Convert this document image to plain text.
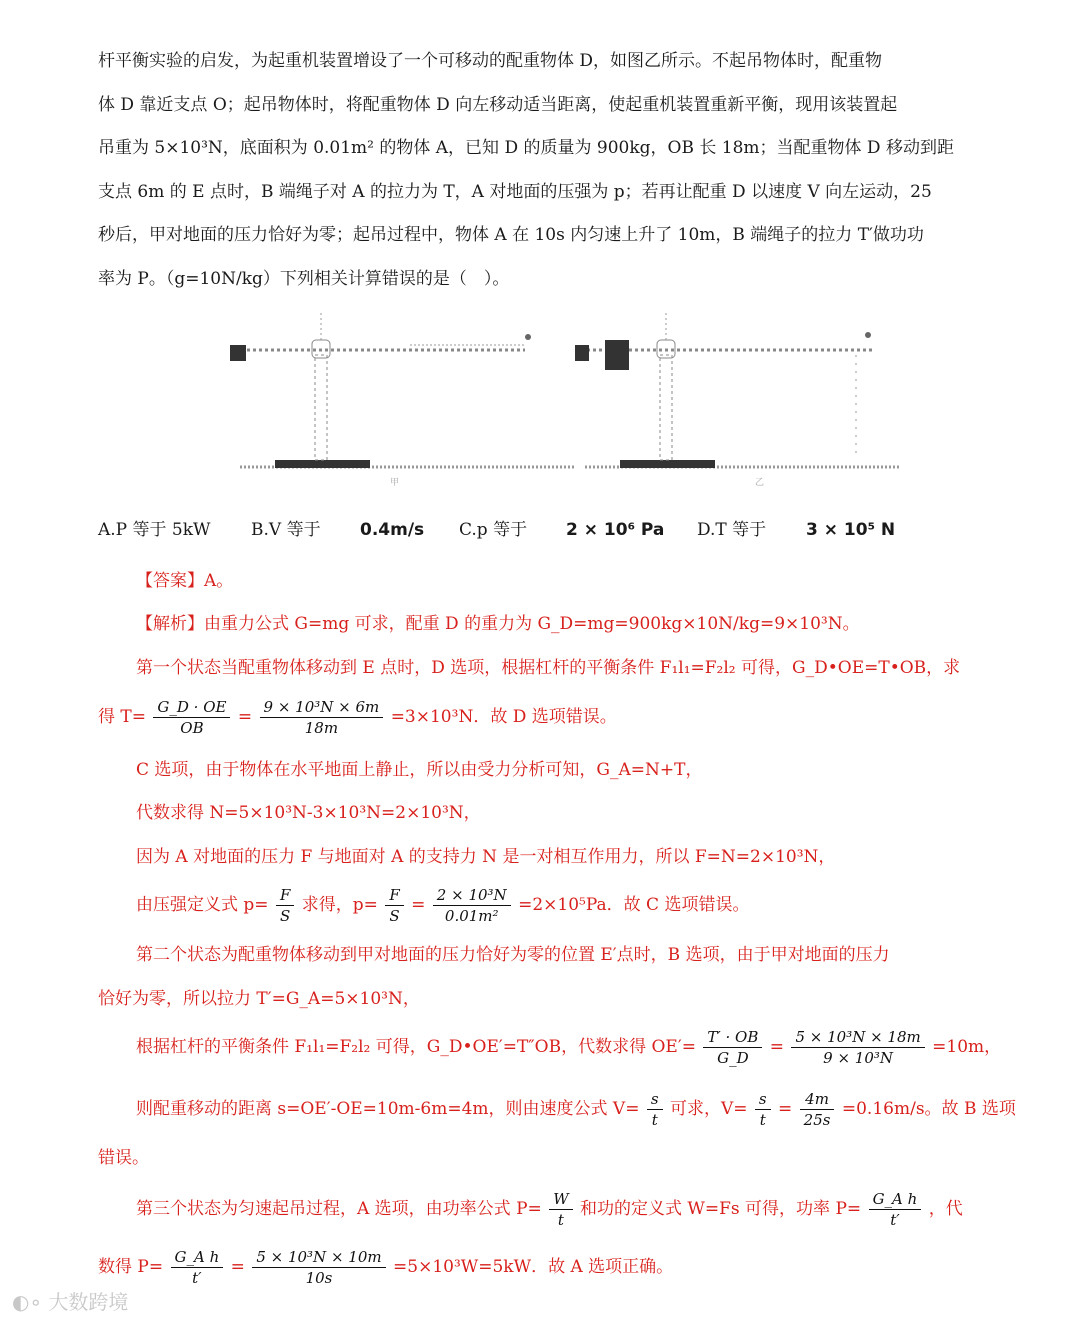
杆平衡实验的启发，为起重机装置增设了一个可移动的配重物体 D，如图乙所示。不起吊物体时，配重物
体 D 靠近支点 O；起吊物体时，将配重物体 D 向左移动适当距离，使起重机装置重新平衡，现用该装置起
吊重为 5×10³N，底面积为 0.01m² 的物体 A，已知 D 的质量为 900kg，OB 长 18m；当配重物体 D 移动到距
支点 6m 的 E 点时，B 端绳子对 A 的拉力为 T，A 对地面的压强为 p；若再让配重 D 以速度 V 向左运动，25
秒后，甲对地面的压力恰好为零；起吊过程中，物体 A 在 10s 内匀速上升了 10m，B 端绳子的拉力 T′做功功
率为 P。（g=10N/kg）下列相关计算错误的是（　）。
甲	乙
A.P 等于 5kW B.V 等于 0.4m/s C.p 等于 2 × 10⁶ Pa D.T 等于 3 × 10⁵ N
【答案】A。
【解析】由重力公式 G=mg 可求，配重 D 的重力为 G_D=mg=900kg×10N/kg=9×10³N。
第一个状态当配重物体移动到 E 点时，D 选项，根据杠杆的平衡条件 F₁l₁=F₂l₂ 可得，G_D•OE=T•OB，求
得 $T= \frac{G\_D \cdot OE}{OB} = \frac{\text{9 × 10³N × 6m}}{18m} =3\times 10^3N$．故 D 选项错误。
C 选项，由于物体在水平地面上静止，所以由受力分析可知，G_A=N+T，
代数求得 N=5×10³N-3×10³N=2×10³N，
因为 A 对地面的压力 F 与地面对 A 的支持力 N 是一对相互作用力，所以 F=N=2×10³N，
由压强定义式 $p= \frac{F}{S}$ 求得，$p= \frac{F}{S} = \frac{\text{2 × 10³N}}{\text{0.01m²}} =2\times 10^5Pa$．故 C 选项错误。
第二个状态为配重物体移动到甲对地面的压力恰好为零的位置 E′点时，B 选项，由于甲对地面的压力
恰好为零，所以拉力 T′=G_A=5×10³N，
根据杠杆的平衡条件 F₁l₁=F₂l₂ 可得，G_D•OE′=T″OB，代数求得 $OE'= \frac{T' \cdot OB}{G\_D} = \frac{\text{5 × 10³N × 18m}}{\text{9 × 10³N}} =10m$，
则配重移动的距离 s=OE′-OE=10m-6m=4m，则由速度公式 $V= \frac{s}{t}$ 可求，$V= \frac{s}{t} = \frac{4m}{25s} =0.16m/s$。故 B 选项
错误。
第三个状态为匀速起吊过程，A 选项，由功率公式 $P= \frac{W}{t}$ 和功的定义式 W=Fs 可得，功率 $P= \frac{\text{G\_A h}}{t'}$ ，代
数得 $P= \frac{\text{G\_A h}}{t'} = \frac{\text{5 × 10³N × 10m}}{10s} =5\times 10^3W=5kW$．故 A 选项正确。
◐∘ 大数跨境
